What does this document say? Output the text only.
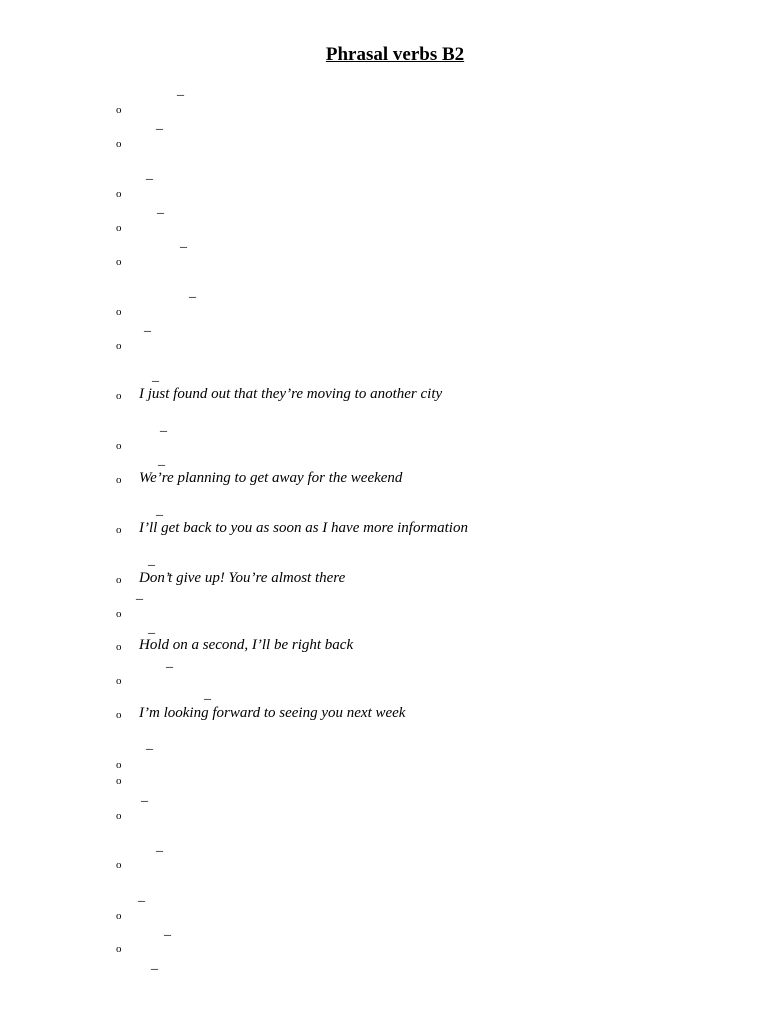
Phrasal verbs B2
_
_
_
_
_
_
_
_
_
_
_
_
_
_
_
_
_
_
_
_
_
_
o
o
o
o
o
o
o
o
o
o
o
o
o
o
o
o
o
o
o
o
o
o
I just found out that they’re moving to another city
We’re planning to get away for the weekend
I’ll get back to you as soon as I have more information
Don’t give up! You’re almost there
Hold on a second, I’ll be right back
I’m looking forward to seeing you next week
